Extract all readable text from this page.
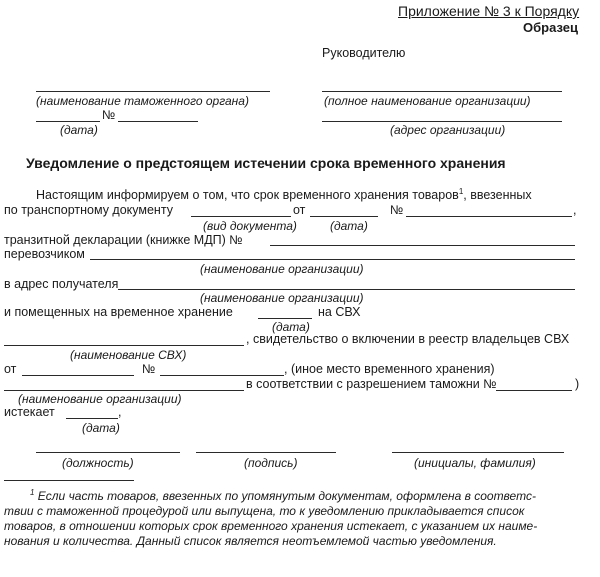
Приложение № 3 к Порядку
Образец
Руководителю
(наименование таможенного органа)	(полное наименование организации)
№
(дата)	(адрес организации)
Уведомление о предстоящем истечении срока временного хранения
Настоящим информируем о том, что срок временного хранения товаров$^1$, ввезенных
по транспортному документу	от	№	,
(вид документа)	(дата)
транзитной декларации (книжке МДП) №
перевозчиком
(наименование организации)
в адрес получателя
(наименование организации)
и помещенных на временное хранение	на СВХ
(дата)
, свидетельство о включении в реестр владельцев СВХ
(наименование СВХ)
от	№	, (иное место временного хранения)
в соответствии с разрешением таможни №	)
(наименование организации)
истекает	,
(дата)
(должность)	(подпись)	(инициалы, фамилия)
$^1$ Если часть товаров, ввезенных по упомянутым документам, оформлена в соответс-
твии с таможенной процедурой или выпущена, то к уведомлению прикладывается список
товаров, в отношении которых срок временного хранения истекает, с указанием их наиме-
нования и количества. Данный список является неотъемлемой частью уведомления.
